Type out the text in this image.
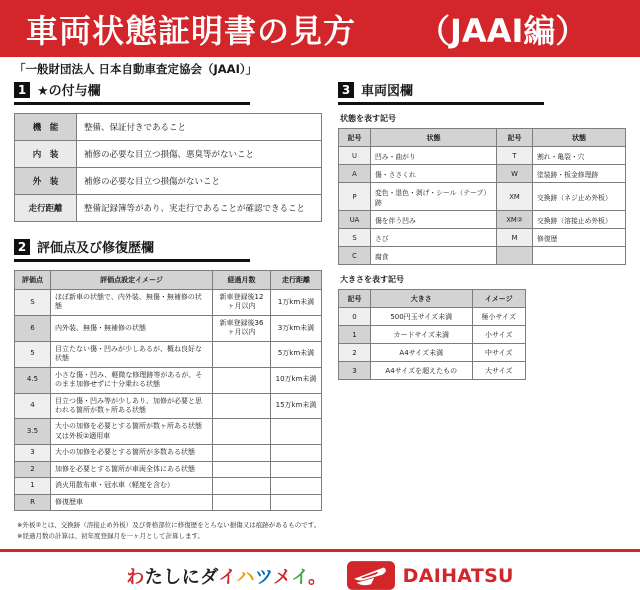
車両状態証明書の見方 （JAAI編）
「一般財団法人 日本自動車査定協会（JAAI）」
1 ★の付与欄
機　能	整備、保証付きであること
内　装	補修の必要な目立つ損傷、悪臭等がないこと
外　装	補修の必要な目立つ損傷がないこと
走行距離	整備記録簿等があり、実走行であることが確認できること
2 評価点及び修復歴欄
評価点	評価点設定イメージ	経過月数	走行距離
S	ほぼ新車の状態で、内外装、無傷・無補修の状態	新車登録後12ヶ月以内	1万km未満
6	内外装、無傷・無補修の状態	新車登録後36ヶ月以内	3万km未満
5	目立たない傷・凹みが少しあるが、概ね良好な状態		5万km未満
4.5	小さな傷・凹み、軽微な修理跡等があるが、そのまま加修せずに十分乗れる状態		10万km未満
4	目立つ傷・凹み等が少しあり、加修が必要と思われる箇所が数ヶ所ある状態		15万km未満
3.5	大小の加修を必要とする箇所が数ヶ所ある状態又は外板②適用車		
3	大小の加修を必要とする箇所が多数ある状態		
2	加修を必要とする箇所が車両全体にある状態		
1	消火用散布車・冠水車（軽度を含む）		
R	修復歴車		
3 車両図欄
状態を表す記号
記号	状態	記号	状態
U	凹み・曲がり	T	割れ・亀裂・穴
A	傷・ささくれ	W	塗装跡・板金修理跡
P	変色・退色・剥げ・シール（テープ）跡	XM	交換跡（ネジ止め外板）
UA	傷を伴う凹み	XM②	交換跡（溶接止め外板）
S	さび	M	修復歴
C	腐食		
大きさを表す記号
記号	大きさ	イメージ
0	500円玉サイズ未満	極小サイズ
1	カードサイズ未満	小サイズ
2	A4サイズ未満	中サイズ
3	A4サイズを超えたもの	大サイズ
※外板②とは、交換跡（溶接止め外板）及び骨格部位に修復歴をとらない損傷又は痕跡があるものです。
※経過月数の計算は、初年度登録月を一ヶ月として計算します。
わたしにダイハツメイ。	DAIHATSU
